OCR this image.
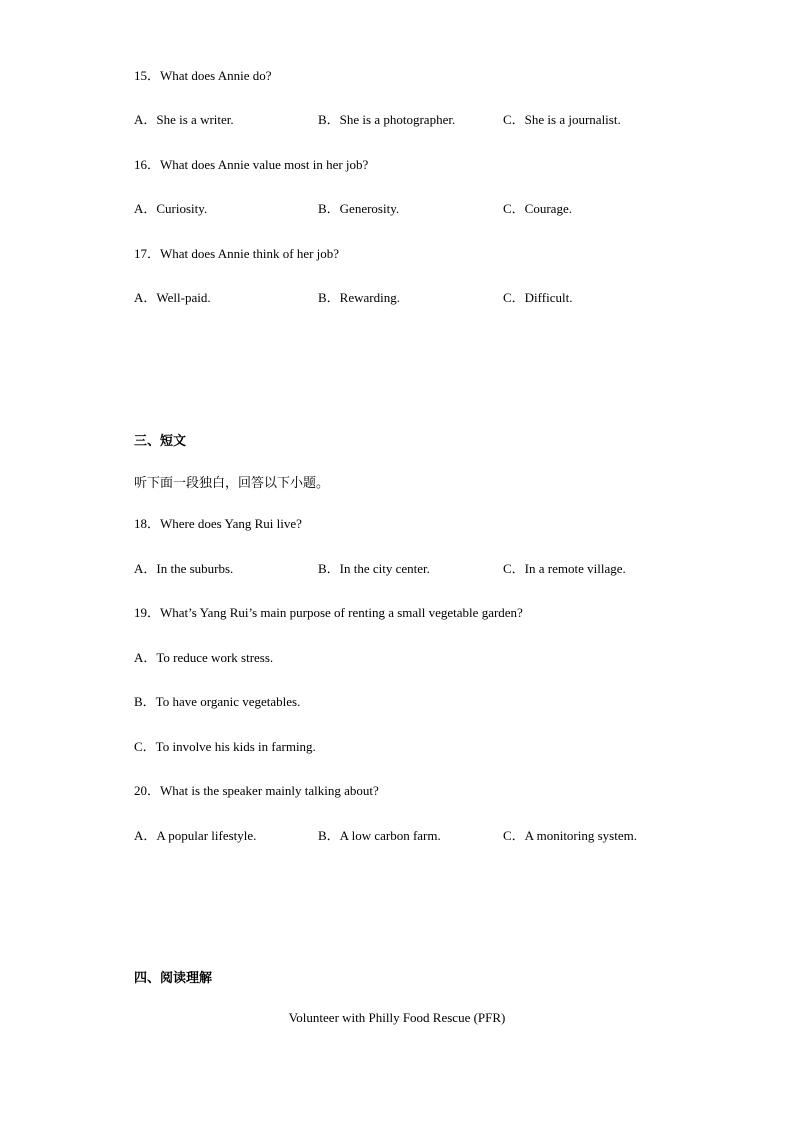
15．What does Annie do?
A．She is a writer.	B．She is a photographer.	C．She is a journalist.
16．What does Annie value most in her job?
A．Curiosity.	B．Generosity.	C．Courage.
17．What does Annie think of her job?
A．Well-paid.	B．Rewarding.	C．Difficult.
三、短文
听下面一段独白，回答以下小题。
18．Where does Yang Rui live?
A．In the suburbs.	B．In the city center.	C．In a remote village.
19．What’s Yang Rui’s main purpose of renting a small vegetable garden?
A．To reduce work stress.
B．To have organic vegetables.
C．To involve his kids in farming.
20．What is the speaker mainly talking about?
A．A popular lifestyle.	B．A low carbon farm.	C．A monitoring system.
四、阅读理解
Volunteer with Philly Food Rescue (PFR)
